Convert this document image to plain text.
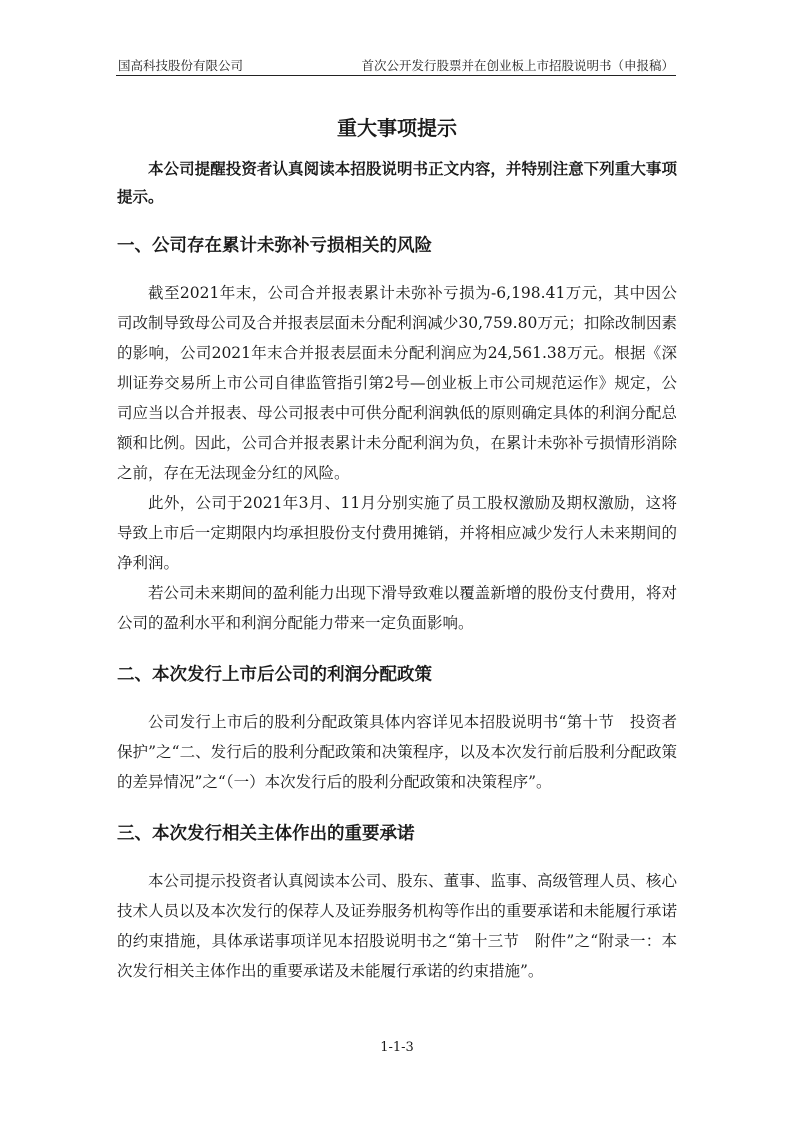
国高科技股份有限公司	首次公开发行股票并在创业板上市招股说明书（申报稿）
重大事项提示

本公司提醒投资者认真阅读本招股说明书正文内容，并特别注意下列重大事项提示。

一、公司存在累计未弥补亏损相关的风险

截至2021年末，公司合并报表累计未弥补亏损为-6,198.41万元，其中因公司改制导致母公司及合并报表层面未分配利润减少30,759.80万元；扣除改制因素的影响，公司2021年末合并报表层面未分配利润应为24,561.38万元。根据《深圳证券交易所上市公司自律监管指引第2号—创业板上市公司规范运作》规定，公司应当以合并报表、母公司报表中可供分配利润孰低的原则确定具体的利润分配总额和比例。因此，公司合并报表累计未分配利润为负，在累计未弥补亏损情形消除之前，存在无法现金分红的风险。

此外，公司于2021年3月、11月分别实施了员工股权激励及期权激励，这将导致上市后一定期限内均承担股份支付费用摊销，并将相应减少发行人未来期间的净利润。

若公司未来期间的盈利能力出现下滑导致难以覆盖新增的股份支付费用，将对公司的盈利水平和利润分配能力带来一定负面影响。

二、本次发行上市后公司的利润分配政策

公司发行上市后的股利分配政策具体内容详见本招股说明书“第十节　投资者保护”之“二、发行后的股利分配政策和决策程序，以及本次发行前后股利分配政策的差异情况”之“（一）本次发行后的股利分配政策和决策程序”。

三、本次发行相关主体作出的重要承诺

本公司提示投资者认真阅读本公司、股东、董事、监事、高级管理人员、核心技术人员以及本次发行的保荐人及证券服务机构等作出的重要承诺和未能履行承诺的约束措施，具体承诺事项详见本招股说明书之“第十三节　附件”之“附录一：本次发行相关主体作出的重要承诺及未能履行承诺的约束措施”。

1-1-3
